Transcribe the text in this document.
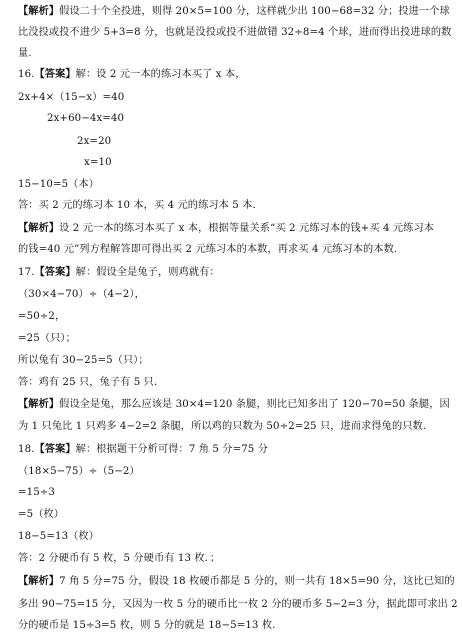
【解析】假设二十个全投进，则得 20×5=100 分，这样就少出 100−68=32 分；投进一个球
比没投或投不进少 5+3=8 分，也就是没投或投不进做错 32÷8=4 个球，进而得出投进球的数
量.
16.【答案】解：设 2 元一本的练习本买了 x 本，
2x+4×（15−x）=40
2x+60−4x=40
2x=20
x=10
15−10=5（本）
答：买 2 元的练习本 10 本，买 4 元的练习本 5 本．
【解析】设 2 元一本的练习本买了 x 本，根据等量关系“买 2 元练习本的钱+买 4 元练习本
的钱=40 元”列方程解答即可得出买 2 元练习本的本数，再求买 4 元练习本的本数.
17.【答案】解：假设全是兔子，则鸡就有：
（30×4−70）÷（4−2），
=50÷2，
=25（只）；
所以兔有 30−25=5（只）；
答：鸡有 25 只，兔子有 5 只．
【解析】假设全是兔，那么应该是 30×4=120 条腿，则比已知多出了 120−70=50 条腿，因
为 1 只兔比 1 只鸡多 4−2=2 条腿，所以鸡的只数为 50÷2=25 只，进而求得兔的只数.
18.【答案】解：根据题干分析可得：7 角 5 分=75 分
（18×5−75）÷（5−2）
=15÷3
=5（枚）
18−5=13（枚）
答：2 分硬币有 5 枚，5 分硬币有 13 枚．；
【解析】7 角 5 分=75 分，假设 18 枚硬币都是 5 分的，则一共有 18×5=90 分，这比已知的
多出 90−75=15 分，又因为一枚 5 分的硬币比一枚 2 分的硬币多 5−2=3 分，据此即可求出 2
分的硬币是 15÷3=5 枚，则 5 分的就是 18−5=13 枚.
